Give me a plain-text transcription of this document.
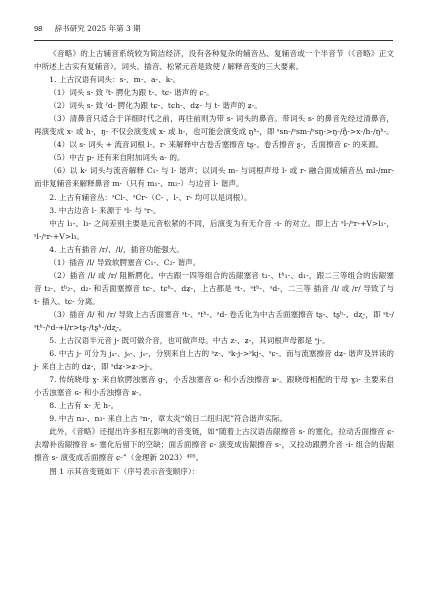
98 辞书研究 2025 年第 3 期

《音略》的上古辅音系统较为简洁经济，没有各种复杂的辅音丛、复辅音或一个半音节（《音略》正文中所述上古实有复辅音）。词头、插音、松紧元音是致使 / 解释音变的三大要素。

1. 上古汉语有词头：s-、m-、a-、k-。

（1）词头 s- 致 ˀt- 腭化为跟 t-、tɕ- 谐声的 ɕ-。

（2）词头 s- 致 ˀd- 腭化为跟 tɕ-、tɕh-、dʑ- 与 t- 谐声的 ʑ-。

（3）清鼻音只适合于详细时代之前，再往前则为带 s- 词头的鼻音。带词头 s- 的鼻音先经过清鼻音，再演变成 x- 或 h-，ŋ- 不仅会演变成 x- 或 h-，也可能会演变成 ŋʰ-，即 ˢsn-/ˢsm-/ˢsŋ->ŋ-/ŋ̊->x-/h-/ŋʰ-。

（4）以 s- 词头 + 流音词根 l-、r- 来解释中古卷舌塞擦音 tʂ-、卷舌擦音 ʂ-，舌面擦音 ɕ- 的来源。

（5）中古 p- 还有来自附加词头 a- 的。

（6）以 k- 词头与流音解释 C₁- 与 l- 谐声；以词头 m- 与词根声母 l- 或 r- 融合面成辅音丛 ml-/mr- 而非复辅音来解释鼻音 m-（只有 m₁-、m₂-）与边音 l- 谐声。

2. 上古有辅音丛：ˢCl-、ˢCr-（C- 、l-、r- 均可以是词根）。

3. 中古边音 l- 来源于 ˢl- 与 ˢr-。

中古 l₁-、l₃- 之间差别主要是元音松紧的不同，后演变为有无介音 -i- 的对立。即上古 ˢl-/ˢr-+V>l₁-，ˢl-/ˢr-+V>l₃。

4. 上古有插音 /r/、/l/，插音功能强大。

（1）插音 /l/ 导致软腭塞音 C₁-、C₂- 谐声。

（2）插音 /l/ 或 /r/ 阻断腭化。中古跟一四等组合的齿龈塞音 t₁-、tʰ₁-、d₁-，跟二三等组合的齿龈塞音 t₂-、tʰ₂-、d₂- 和舌面塞擦音 tɕ-、tɕʰ-、dʑ-，上古都是 ˢt-、ˢtʰ-、ˢd-，二三等 插音 /l/ 或 /r/ 导致了与 t- 插入、tɕ- 分离。

（3）插音 /l/ 和 /r/ 导致上古舌面塞音 ˢt-、ˢtʰ-、ˢd- 卷舌化为中古舌面塞擦音 tʂ-、tʂʰ-、dʐ-，即 ˢt-/ˢtʰ-/ˢd-+l/r>tʂ-/tʂʰ-/dʐ-。

5. 上古汉语半元音 j- 既可做介音，也可做声母。中古 z-、ʑ-，其词根声母都是 ˢj-。

6. 中古 j- 可分为 jₐ-、jₑ-、jₒ-，分别来自上古的 ˢz-、ˢk-j->ˢkj-、ˢɕ-。而与流塞擦音 dʑ- 谐声及异读的 j- 来自上古的 dʑ-，即 ˢdʑ->ʑ->j-。

7. 传统晓母 ɣ- 来自软腭浊塞音 g-，小舌浊塞音 ɢ- 和小舌浊擦音 ʁ-。跟晓母相配的于母 ɣ₃- 主要来自小舌浊塞音 ɢ- 和小舌浊擦音 ʁ-。

8. 上古有 x- 无 h-。

9. 中古 n₃-、n₃- 来自上古 ˢn-，章太炎“娘日二纽归泥”符合谐声实际。

此外，《音略》还提出许多相互影响的音变链，如“随着上古汉语齿龈擦音 s- 的塞化，拉动舌面擦音 ɕ- 去增补齿龈擦音 s- 塞化后留下的空缺；面舌面擦音 ɕ- 演变成齿龈擦音 s-，又拉动跟腭介音 -i- 组合的齿龈擦音 s- 演变成舌面擦音 ɕ-”（金理新 2023）⁴⁰⁵。

图 1 示其音变链如下（序号表示音变顺序）：
